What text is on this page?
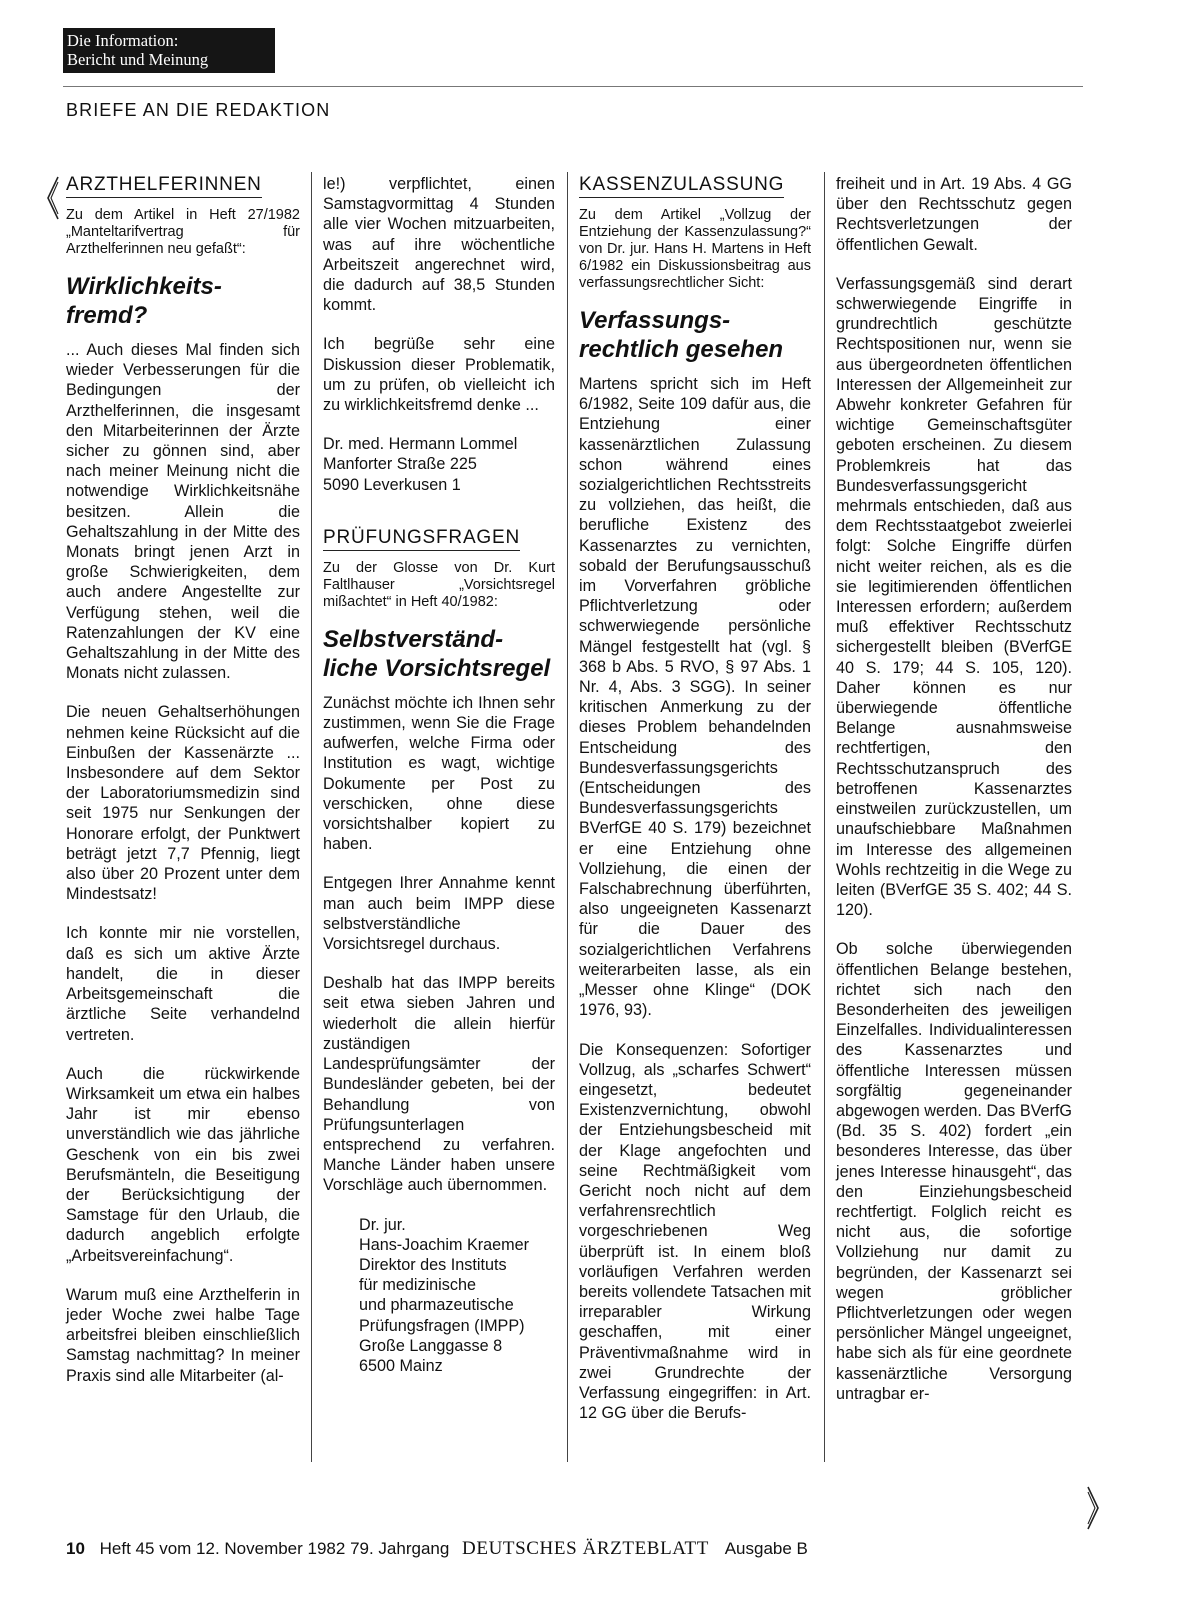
Die Information:
Bericht und Meinung
BRIEFE AN DIE REDAKTION
ARZTHELFERINNEN

Zu dem Artikel in Heft 27/1982 „Manteltarifvertrag für Arzthelferinnen neu gefaßt“:

Wirklichkeits-fremd?

... Auch dieses Mal finden sich wieder Verbesserungen für die Bedingungen der Arzthelferinnen, die insgesamt den Mitarbeiterinnen der Ärzte sicher zu gönnen sind, aber nach meiner Meinung nicht die notwendige Wirklichkeitsnähe besitzen. Allein die Gehaltszahlung in der Mitte des Monats bringt jenen Arzt in große Schwierigkeiten, dem auch andere Angestellte zur Verfügung stehen, weil die Ratenzahlungen der KV eine Gehaltszahlung in der Mitte des Monats nicht zulassen.

Die neuen Gehaltserhöhungen nehmen keine Rücksicht auf die Einbußen der Kassenärzte ... Insbesondere auf dem Sektor der Laboratoriumsmedizin sind seit 1975 nur Senkungen der Honorare erfolgt, der Punktwert beträgt jetzt 7,7 Pfennig, liegt also über 20 Prozent unter dem Mindestsatz!

Ich konnte mir nie vorstellen, daß es sich um aktive Ärzte handelt, die in dieser Arbeitsgemeinschaft die ärztliche Seite verhandelnd vertreten.

Auch die rückwirkende Wirksamkeit um etwa ein halbes Jahr ist mir ebenso unverständlich wie das jährliche Geschenk von ein bis zwei Berufsmänteln, die Beseitigung der Berücksichtigung der Samstage für den Urlaub, die dadurch angeblich erfolgte „Arbeitsvereinfachung“.

Warum muß eine Arzthelferin in jeder Woche zwei halbe Tage arbeitsfrei bleiben einschließlich Samstag nachmittag? In meiner Praxis sind alle Mitarbeiter (al-

le!) verpflichtet, einen Samstagvormittag 4 Stunden alle vier Wochen mitzuarbeiten, was auf ihre wöchentliche Arbeitszeit angerechnet wird, die dadurch auf 38,5 Stunden kommt.

Ich begrüße sehr eine Diskussion dieser Problematik, um zu prüfen, ob vielleicht ich zu wirklichkeitsfremd denke ...

Dr. med. Hermann Lommel
Manforter Straße 225
5090 Leverkusen 1
PRÜFUNGSFRAGEN

Zu der Glosse von Dr. Kurt Faltlhauser „Vorsichtsregel mißachtet“ in Heft 40/1982:

Selbstverständ-liche Vorsichtsregel

Zunächst möchte ich Ihnen sehr zustimmen, wenn Sie die Frage aufwerfen, welche Firma oder Institution es wagt, wichtige Dokumente per Post zu verschicken, ohne diese vorsichtshalber kopiert zu haben.

Entgegen Ihrer Annahme kennt man auch beim IMPP diese selbstverständliche Vorsichtsregel durchaus.

Deshalb hat das IMPP bereits seit etwa sieben Jahren und wiederholt die allein hierfür zuständigen Landesprüfungsämter der Bundesländer gebeten, bei der Behandlung von Prüfungsunterlagen entsprechend zu verfahren. Manche Länder haben unsere Vorschläge auch übernommen.

Dr. jur.
Hans-Joachim Kraemer
Direktor des Instituts
für medizinische
und pharmazeutische
Prüfungsfragen (IMPP)
Große Langgasse 8
6500 Mainz
KASSENZULASSUNG

Zu dem Artikel „Vollzug der Entziehung der Kassenzulassung?“ von Dr. jur. Hans H. Martens in Heft 6/1982 ein Diskussionsbeitrag aus verfassungsrechtlicher Sicht:

Verfassungs-rechtlich gesehen

Martens spricht sich im Heft 6/1982, Seite 109 dafür aus, die Entziehung einer kassenärztlichen Zulassung schon während eines sozialgerichtlichen Rechtsstreits zu vollziehen, das heißt, die berufliche Existenz des Kassenarztes zu vernichten, sobald der Berufungsausschuß im Vorverfahren gröbliche Pflichtverletzung oder schwerwiegende persönliche Mängel festgestellt hat (vgl. § 368 b Abs. 5 RVO, § 97 Abs. 1 Nr. 4, Abs. 3 SGG). In seiner kritischen Anmerkung zu der dieses Problem behandelnden Entscheidung des Bundesverfassungsgerichts (Entscheidungen des Bundesverfassungsgerichts BVerfGE 40 S. 179) bezeichnet er eine Entziehung ohne Vollziehung, die einen der Falschabrechnung überführten, also ungeeigneten Kassenarzt für die Dauer des sozialgerichtlichen Verfahrens weiterarbeiten lasse, als ein „Messer ohne Klinge“ (DOK 1976, 93).

Die Konsequenzen: Sofortiger Vollzug, als „scharfes Schwert“ eingesetzt, bedeutet Existenzvernichtung, obwohl der Entziehungsbescheid mit der Klage angefochten und seine Rechtmäßigkeit vom Gericht noch nicht auf dem verfahrensrechtlich vorgeschriebenen Weg überprüft ist. In einem bloß vorläufigen Verfahren werden bereits vollendete Tatsachen mit irreparabler Wirkung geschaffen, mit einer Präventivmaßnahme wird in zwei Grundrechte der Verfassung eingegriffen: in Art. 12 GG über die Berufs-

freiheit und in Art. 19 Abs. 4 GG über den Rechtsschutz gegen Rechtsverletzungen der öffentlichen Gewalt.

Verfassungsgemäß sind derart schwerwiegende Eingriffe in grundrechtlich geschützte Rechtspositionen nur, wenn sie aus übergeordneten öffentlichen Interessen der Allgemeinheit zur Abwehr konkreter Gefahren für wichtige Gemeinschaftsgüter geboten erscheinen. Zu diesem Problemkreis hat das Bundesverfassungsgericht mehrmals entschieden, daß aus dem Rechtsstaatgebot zweierlei folgt: Solche Eingriffe dürfen nicht weiter reichen, als es die sie legitimierenden öffentlichen Interessen erfordern; außerdem muß effektiver Rechtsschutz sichergestellt bleiben (BVerfGE 40 S. 179; 44 S. 105, 120). Daher können es nur überwiegende öffentliche Belange ausnahmsweise rechtfertigen, den Rechtsschutzanspruch des betroffenen Kassenarztes einstweilen zurückzustellen, um unaufschiebbare Maßnahmen im Interesse des allgemeinen Wohls rechtzeitig in die Wege zu leiten (BVerfGE 35 S. 402; 44 S. 120).

Ob solche überwiegenden öffentlichen Belange bestehen, richtet sich nach den Besonderheiten des jeweiligen Einzelfalles. Individualinteressen des Kassenarztes und öffentliche Interessen müssen sorgfältig gegeneinander abgewogen werden. Das BVerfG (Bd. 35 S. 402) fordert „ein besonderes Interesse, das über jenes Interesse hinausgeht“, das den Einziehungsbescheid rechtfertigt. Folglich reicht es nicht aus, die sofortige Vollziehung nur damit zu begründen, der Kassenarzt sei wegen gröblicher Pflichtverletzungen oder wegen persönlicher Mängel ungeeignet, habe sich als für eine geordnete kassenärztliche Versorgung untragbar er-

10 Heft 45 vom 12. November 1982 79. Jahrgang DEUTSCHES ÄRZTEBLATT Ausgabe B
